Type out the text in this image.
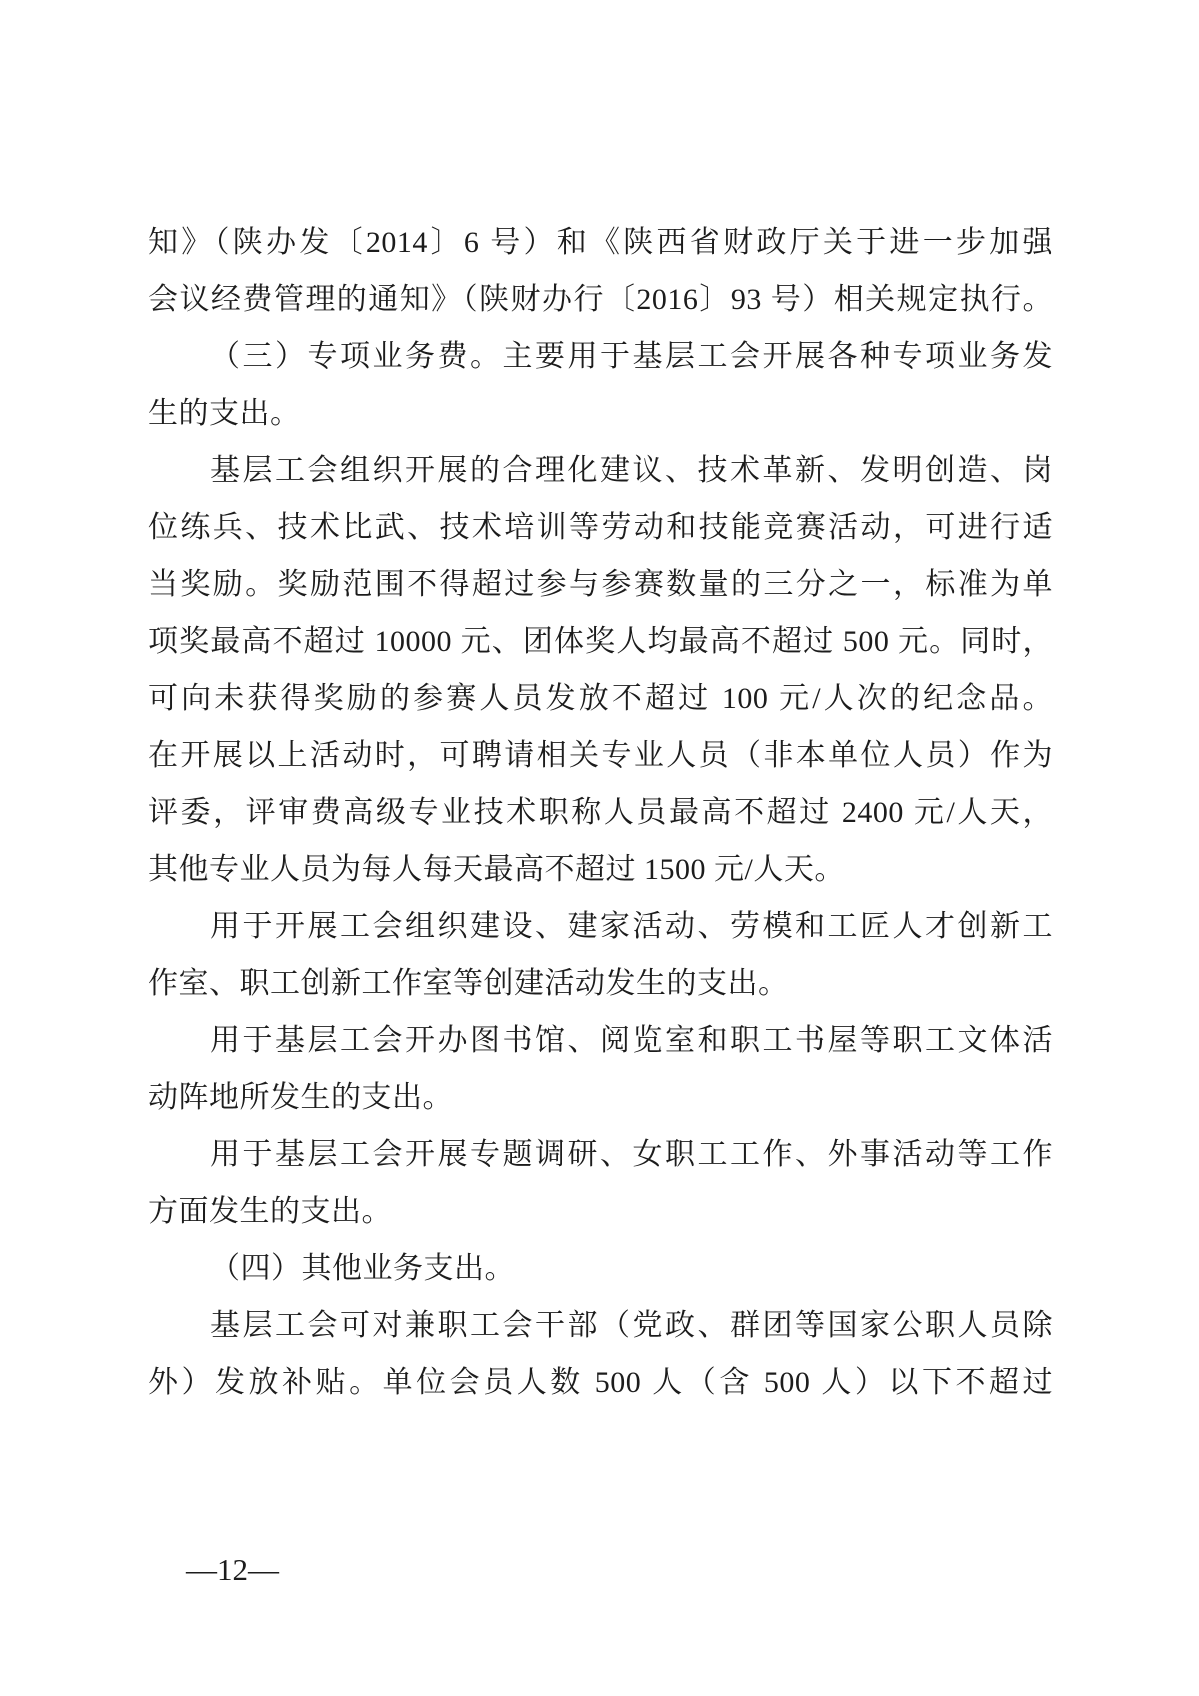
知》（陕办发〔2014〕6 号）和《陕西省财政厅关于进一步加强
会议经费管理的通知》（陕财办行〔2016〕93 号）相关规定执行。
（三）专项业务费。主要用于基层工会开展各种专项业务发
生的支出。
基层工会组织开展的合理化建议、技术革新、发明创造、岗
位练兵、技术比武、技术培训等劳动和技能竞赛活动，可进行适
当奖励。奖励范围不得超过参与参赛数量的三分之一，标准为单
项奖最高不超过 10000 元、团体奖人均最高不超过 500 元。同时，
可向未获得奖励的参赛人员发放不超过 100 元/人次的纪念品。
在开展以上活动时，可聘请相关专业人员（非本单位人员）作为
评委，评审费高级专业技术职称人员最高不超过 2400 元/人天，
其他专业人员为每人每天最高不超过 1500 元/人天。
用于开展工会组织建设、建家活动、劳模和工匠人才创新工
作室、职工创新工作室等创建活动发生的支出。
用于基层工会开办图书馆、阅览室和职工书屋等职工文体活
动阵地所发生的支出。
用于基层工会开展专题调研、女职工工作、外事活动等工作
方面发生的支出。
（四）其他业务支出。
基层工会可对兼职工会干部（党政、群团等国家公职人员除
外）发放补贴。单位会员人数 500 人（含 500 人）以下不超过
—12—
